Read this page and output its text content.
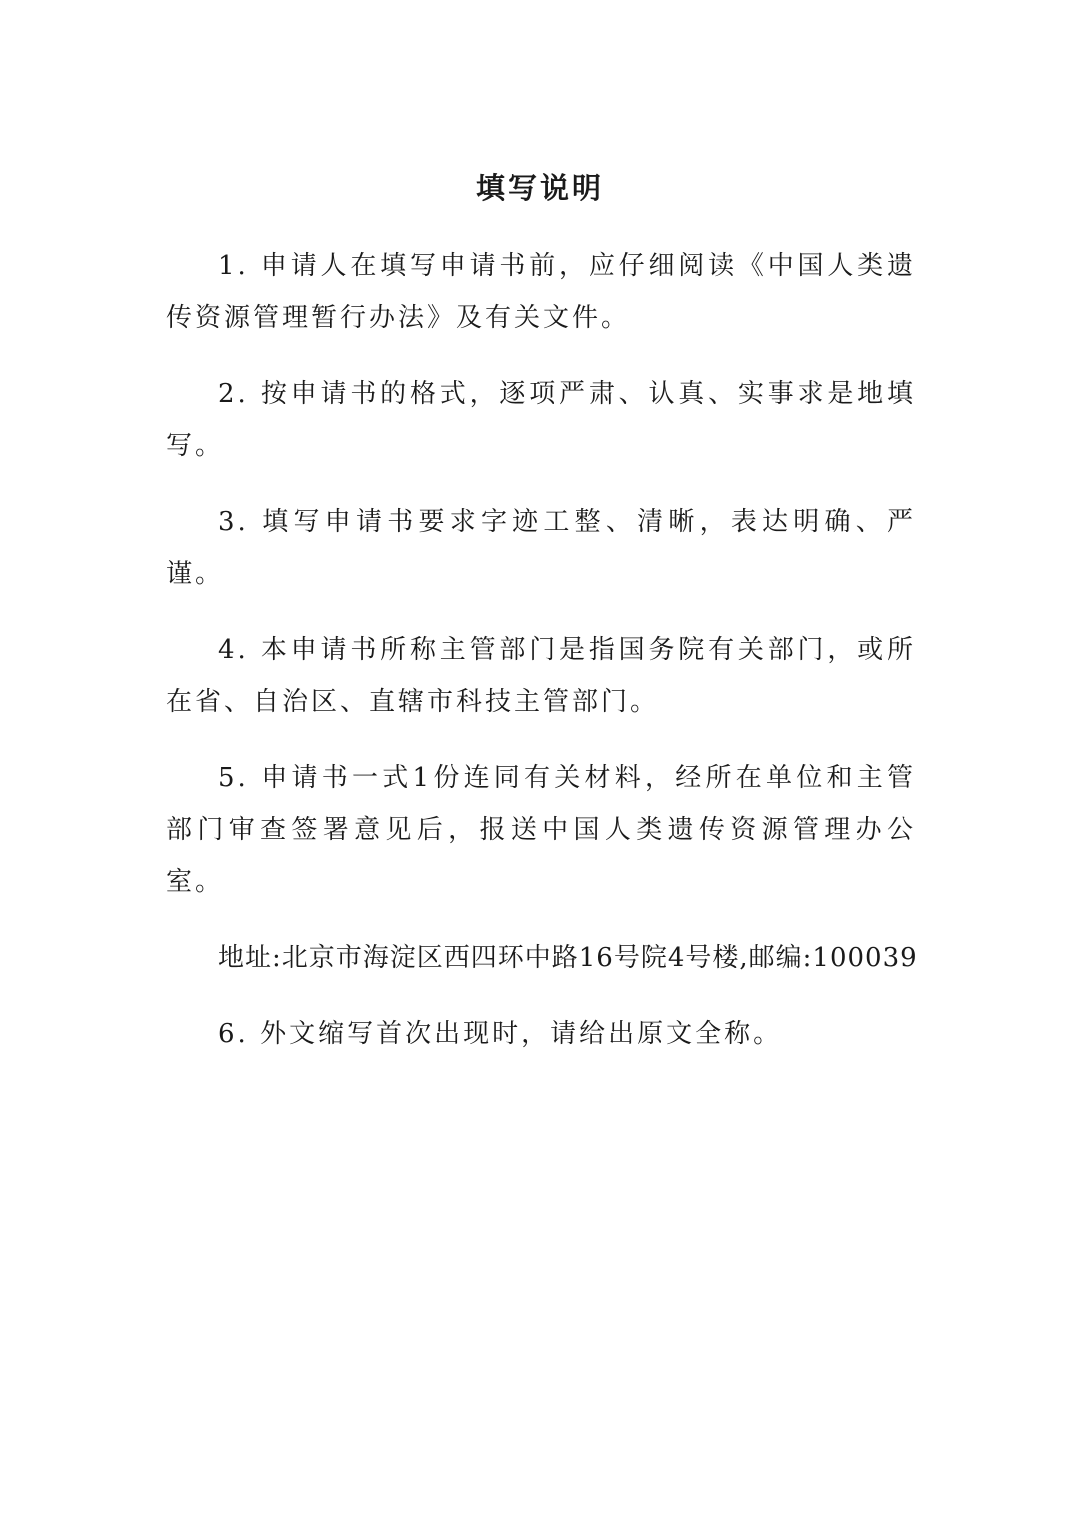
填写说明

1. 申请人在填写申请书前，应仔细阅读《中国人类遗传资源管理暂行办法》及有关文件。

2. 按申请书的格式，逐项严肃、认真、实事求是地填写。

3. 填写申请书要求字迹工整、清晰，表达明确、严谨。

4. 本申请书所称主管部门是指国务院有关部门，或所在省、自治区、直辖市科技主管部门。

5. 申请书一式1份连同有关材料，经所在单位和主管部门审查签署意见后，报送中国人类遗传资源管理办公室。

地址:北京市海淀区西四环中路16号院4号楼,邮编:100039

6. 外文缩写首次出现时，请给出原文全称。
